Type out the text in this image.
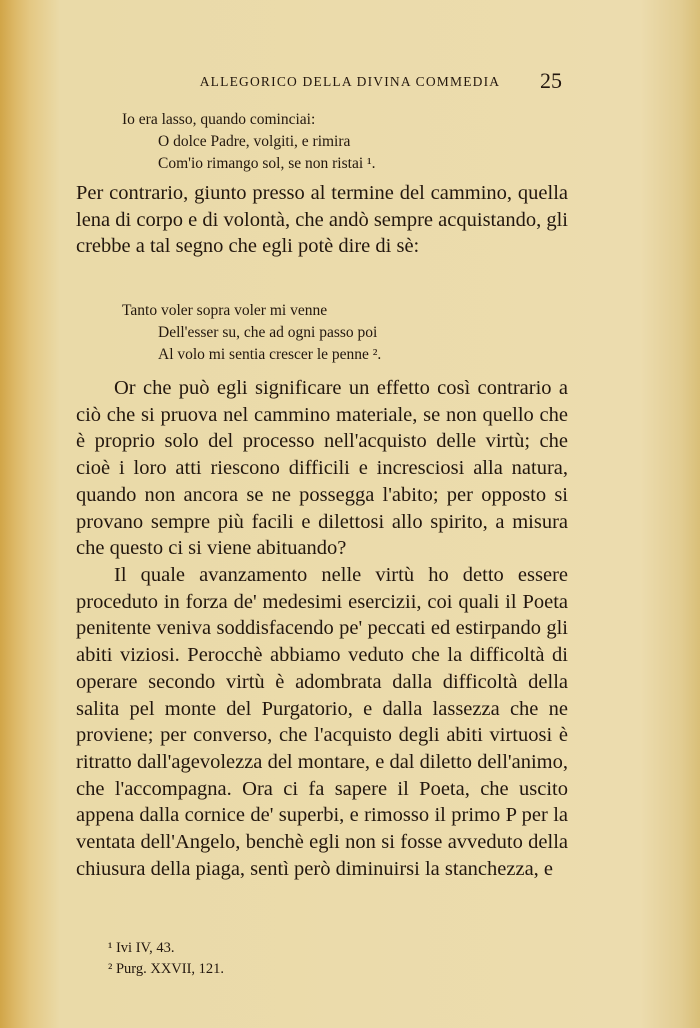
ALLEGORICO DELLA DIVINA COMMEDIA	25
Io era lasso, quando cominciai:
O dolce Padre, volgiti, e rimira
Com'io rimango sol, se non ristai ¹.

Per contrario, giunto presso al termine del cammino, quella lena di corpo e di volontà, che andò sempre acquistando, gli crebbe a tal segno che egli potè dire di sè:

Tanto voler sopra voler mi venne
Dell'esser su, che ad ogni passo poi
Al volo mi sentia crescer le penne ².

Or che può egli significare un effetto così contrario a ciò che si pruova nel cammino materiale, se non quello che è proprio solo del processo nell'acquisto delle virtù; che cioè i loro atti riescono difficili e incresciosi alla natura, quando non ancora se ne possegga l'abito; per opposto si provano sempre più facili e dilettosi allo spirito, a misura che questo ci si viene abituando?

Il quale avanzamento nelle virtù ho detto essere proceduto in forza de' medesimi esercizii, coi quali il Poeta penitente veniva soddisfacendo pe' peccati ed estirpando gli abiti viziosi. Perocchè abbiamo veduto che la difficoltà di operare secondo virtù è adombrata dalla difficoltà della salita pel monte del Purgatorio, e dalla lassezza che ne proviene; per converso, che l'acquisto degli abiti virtuosi è ritratto dall'agevolezza del montare, e dal diletto dell'animo, che l'accompagna. Ora ci fa sapere il Poeta, che uscito appena dalla cornice de' superbi, e rimosso il primo P per la ventata dell'Angelo, benchè egli non si fosse avveduto della chiusura della piaga, sentì però diminuirsi la stanchezza, e

¹ Ivi IV, 43.
² Purg. XXVII, 121.
